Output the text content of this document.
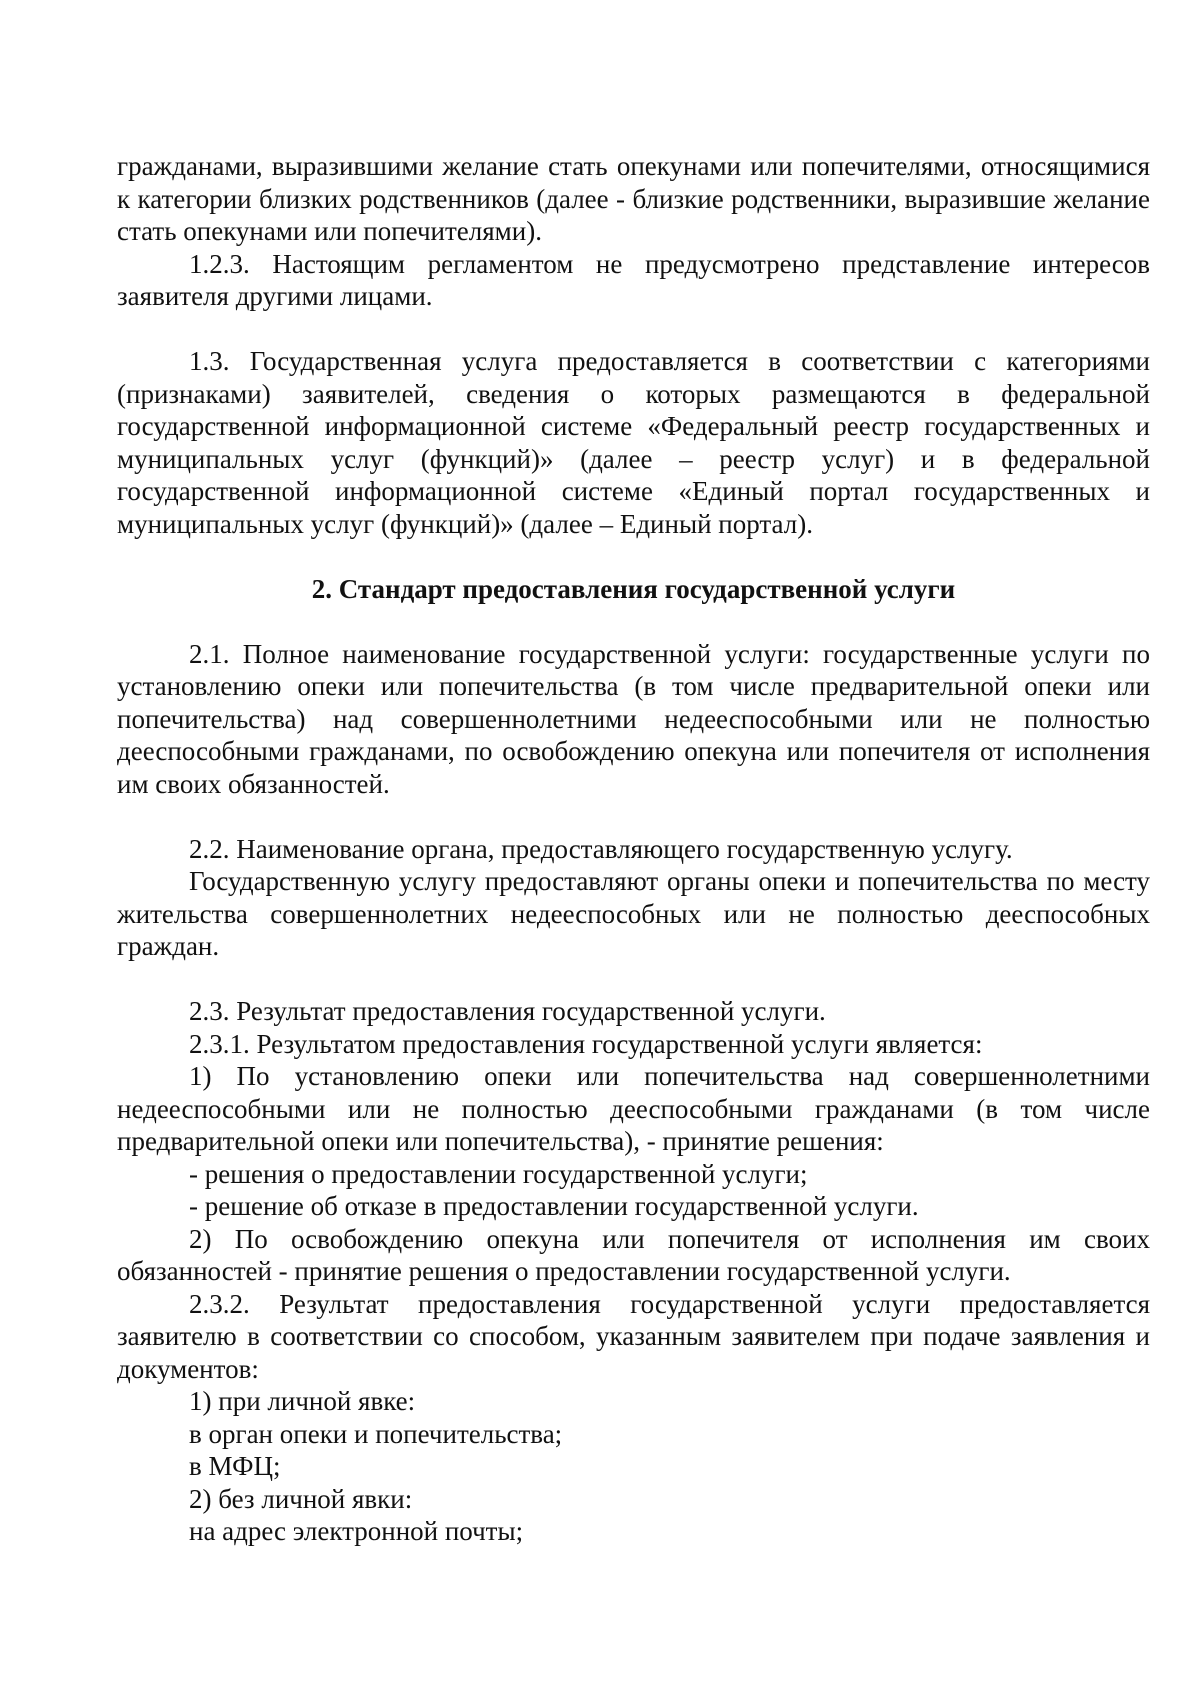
гражданами, выразившими желание стать опекунами или попечителями, относящимися к категории близких родственников (далее - близкие родственники, выразившие желание стать опекунами или попечителями).

1.2.3. Настоящим регламентом не предусмотрено представление интересов заявителя другими лицами.

1.3. Государственная услуга предоставляется в соответствии с категориями (признаками) заявителей, сведения о которых размещаются в федеральной государственной информационной системе «Федеральный реестр государственных и муниципальных услуг (функций)» (далее – реестр услуг) и в федеральной государственной информационной системе «Единый портал государственных и муниципальных услуг (функций)» (далее – Единый портал).

2. Стандарт предоставления государственной услуги

2.1. Полное наименование государственной услуги: государственные услуги по установлению опеки или попечительства (в том числе предварительной опеки или попечительства) над совершеннолетними недееспособными или не полностью дееспособными гражданами, по освобождению опекуна или попечителя от исполнения им своих обязанностей.

2.2. Наименование органа, предоставляющего государственную услугу.

Государственную услугу предоставляют органы опеки и попечительства по месту жительства совершеннолетних недееспособных или не полностью дееспособных граждан.

2.3. Результат предоставления государственной услуги.

2.3.1. Результатом предоставления государственной услуги является:

1) По установлению опеки или попечительства над совершеннолетними недееспособными или не полностью дееспособными гражданами (в том числе предварительной опеки или попечительства), - принятие решения:

- решения о предоставлении государственной услуги;

- решение об отказе в предоставлении государственной услуги.

2) По освобождению опекуна или попечителя от исполнения им своих обязанностей - принятие решения о предоставлении государственной услуги.

2.3.2. Результат предоставления государственной услуги предоставляется заявителю в соответствии со способом, указанным заявителем при подаче заявления и документов:

1) при личной явке:

в орган опеки и попечительства;

в МФЦ;

2) без личной явки:

на адрес электронной почты;
